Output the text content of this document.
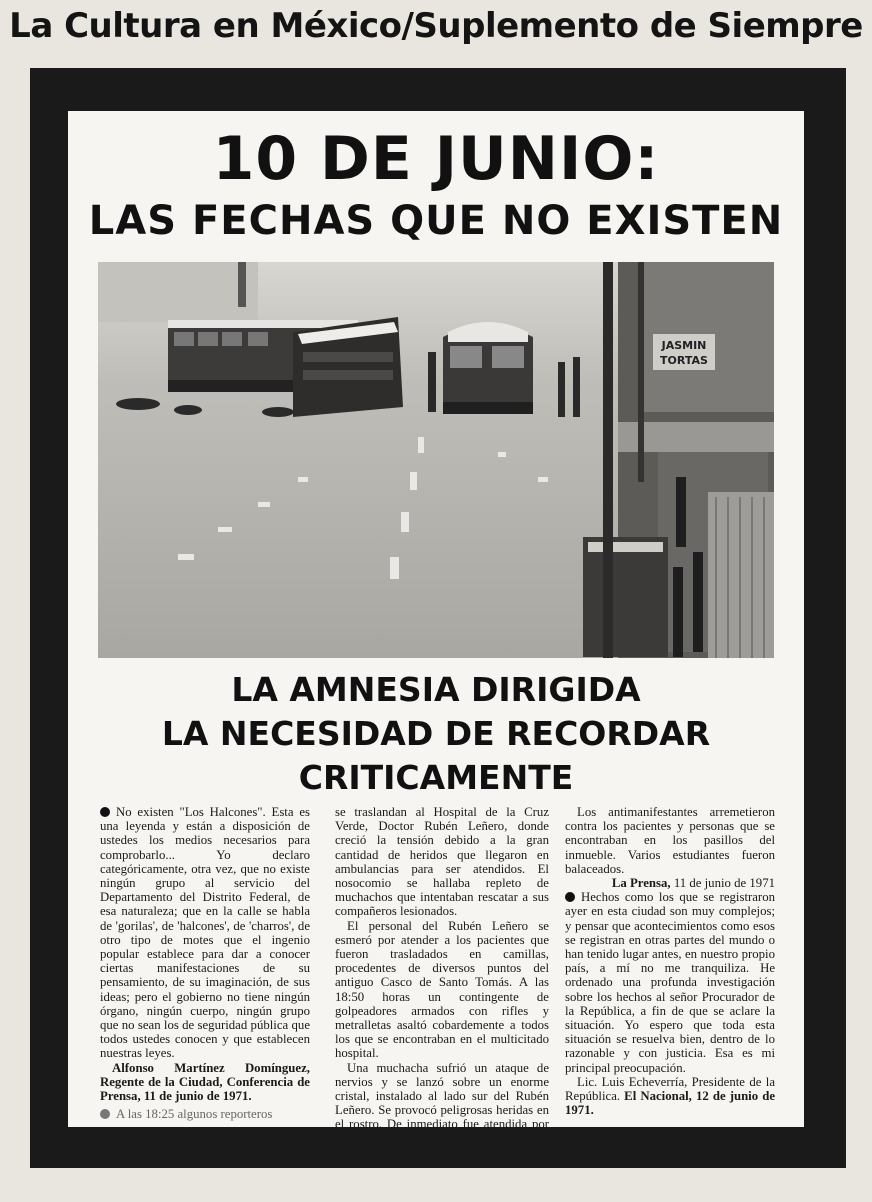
La Cultura en México/Suplemento de Siempre
10 DE JUNIO:
LAS FECHAS QUE NO EXISTEN
JASMIN
TORTAS
LA AMNESIA DIRIGIDA
LA NECESIDAD DE RECORDAR
CRITICAMENTE

No existen "Los Halcones". Esta es una leyenda y están a disposición de ustedes los medios necesarios para comprobarlo... Yo declaro categóricamente, otra vez, que no existe ningún grupo al servicio del Departamento del Distrito Federal, de esa naturaleza; que en la calle se habla de 'gorilas', de 'halcones', de 'charros', de otro tipo de motes que el ingenio popular establece para dar a conocer ciertas manifestaciones de su pensamiento, de su imaginación, de sus ideas; pero el gobierno no tiene ningún órgano, ningún cuerpo, ningún grupo que no sean los de seguridad pública que todos ustedes conocen y que establecen nuestras leyes.

Alfonso Martínez Domínguez, Regente de la Ciudad, Conferencia de Prensa, 11 de junio de 1971.

A las 18:25 algunos reporteros

se traslandan al Hospital de la Cruz Verde, Doctor Rubén Leñero, donde creció la tensión debido a la gran cantidad de heridos que llegaron en ambulancias para ser atendidos. El nosocomio se hallaba repleto de muchachos que intentaban rescatar a sus compañeros lesionados.

El personal del Rubén Leñero se esmeró por atender a los pacientes que fueron trasladados en camillas, procedentes de diversos puntos del antiguo Casco de Santo Tomás. A las 18:50 horas un contingente de golpeadores armados con rifles y metralletas asaltó cobardemente a todos los que se encontraban en el multicitado hospital.

Una muchacha sufrió un ataque de nervios y se lanzó sobre un enorme cristal, instalado al lado sur del Rubén Leñero. Se provocó peligrosas heridas en el rostro. De inmediato fue atendida por las enfermeras.

Los antimanifestantes arremetieron contra los pacientes y personas que se encontraban en los pasillos del inmueble. Varios estudiantes fueron balaceados.

La Prensa, 11 de junio de 1971

Hechos como los que se registraron ayer en esta ciudad son muy complejos; y pensar que acontecimientos como esos se registran en otras partes del mundo o han tenido lugar antes, en nuestro propio país, a mí no me tranquiliza. He ordenado una profunda investigación sobre los hechos al señor Procurador de la República, a fin de que se aclare la situación. Yo espero que toda esta situación se resuelva bien, dentro de lo razonable y con justicia. Esa es mi principal preocupación.

Lic. Luis Echeverría, Presidente de la República. El Nacional, 12 de junio de 1971.
